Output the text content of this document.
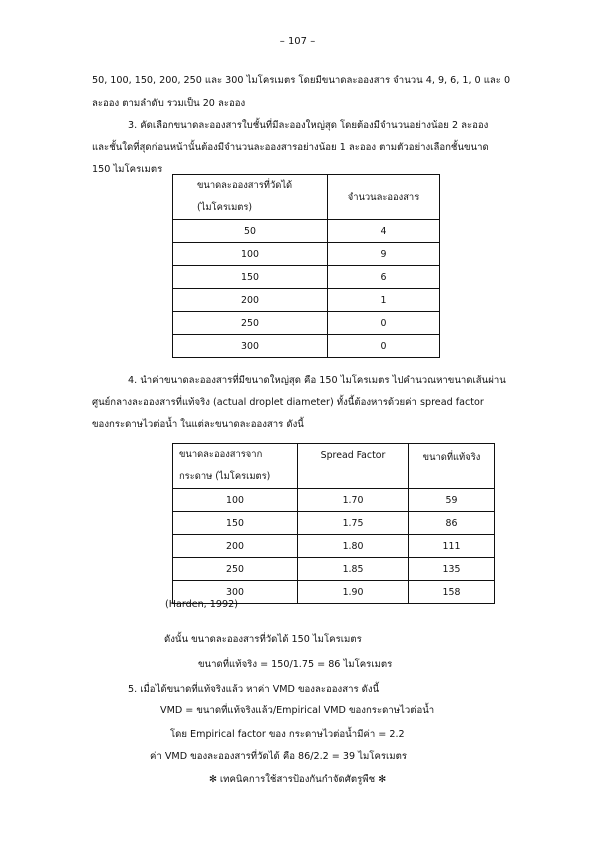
– 107 –
50, 100, 150, 200, 250 และ 300 ไมโครเมตร โดยมีขนาดละอองสาร จำนวน 4, 9, 6, 1, 0 และ 0
ละออง ตามลำดับ รวมเป็น 20 ละออง
3. คัดเลือกขนาดละอองสารใบชั้นที่มีละอองใหญ่สุด โดยต้องมีจำนวนอย่างน้อย 2 ละออง
และชั้นใดที่สุดก่อนหน้านั้นต้องมีจำนวนละอองสารอย่างน้อย 1 ละออง ตามตัวอย่างเลือกชั้นขนาด
150 ไมโครเมตร
ขนาดละอองสารที่วัดได้
(ไมโครเมตร)	จำนวนละอองสาร
50	4
100	9
150	6
200	1
250	0
300	0
4. นำค่าขนาดละอองสารที่มีขนาดใหญ่สุด คือ 150 ไมโครเมตร ไปคำนวณหาขนาดเส้นผ่าน
ศูนย์กลางละอองสารที่แท้จริง (actual droplet diameter) ทั้งนี้ต้องหารด้วยค่า spread factor
ของกระดาษไวต่อน้ำ ในแต่ละขนาดละอองสาร ดังนี้
ขนาดละอองสารจาก
กระดาษ (ไมโครเมตร)	Spread Factor	ขนาดที่แท้จริง
100	1.70	59
150	1.75	86
200	1.80	111
250	1.85	135
300	1.90	158
(Harden, 1992)
ดังนั้น ขนาดละอองสารที่วัดได้ 150 ไมโครเมตร
ขนาดที่แท้จริง = 150/1.75 = 86 ไมโครเมตร
5. เมื่อได้ขนาดที่แท้จริงแล้ว หาค่า VMD ของละอองสาร ดังนี้
VMD = ขนาดที่แท้จริงแล้ว/Empirical VMD ของกระดาษไวต่อน้ำ
โดย Empirical factor ของ กระดาษไวต่อน้ำมีค่า = 2.2
ค่า VMD ของละอองสารที่วัดได้ คือ 86/2.2 = 39 ไมโครเมตร
✻ เทคนิคการใช้สารป้องกันกำจัดศัตรูพืช ✻
